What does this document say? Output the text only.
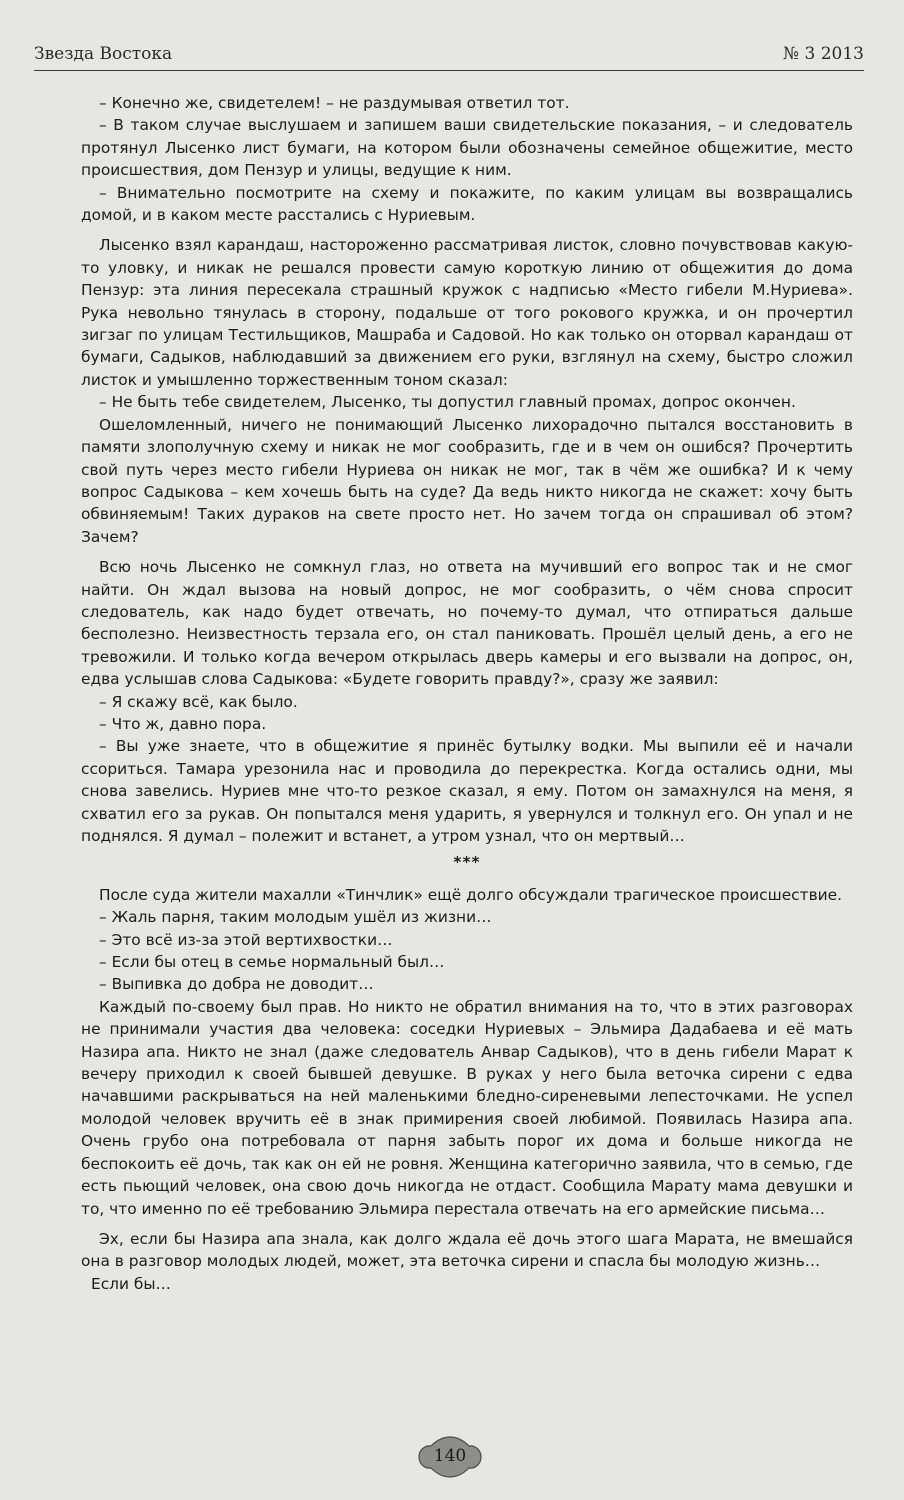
Звезда Востока	№ 3 2013

– Конечно же, свидетелем! – не раздумывая ответил тот.

– В таком случае выслушаем и запишем ваши свидетельские показания, – и следователь протянул Лысенко лист бумаги, на котором были обозначены семейное общежитие, место происшествия, дом Пензур и улицы, ведущие к ним.

– Внимательно посмотрите на схему и покажите, по каким улицам вы возвращались домой, и в каком месте расстались с Нуриевым.

Лысенко взял карандаш, настороженно рассматривая листок, словно почувствовав какую-то уловку, и никак не решался провести самую короткую линию от общежития до дома Пензур: эта линия пересекала страшный кружок с надписью «Место гибели М.Нуриева». Рука невольно тянулась в сторону, подальше от того рокового кружка, и он прочертил зигзаг по улицам Тестильщиков, Машраба и Садовой. Но как только он оторвал карандаш от бумаги, Садыков, наблюдавший за движением его руки, взглянул на схему, быстро сложил листок и умышленно торжественным тоном сказал:

– Не быть тебе свидетелем, Лысенко, ты допустил главный промах, допрос окончен.

Ошеломленный, ничего не понимающий Лысенко лихорадочно пытался восстановить в памяти злополучную схему и никак не мог сообразить, где и в чем он ошибся? Прочертить свой путь через место гибели Нуриева он никак не мог, так в чём же ошибка? И к чему вопрос Садыкова – кем хочешь быть на суде? Да ведь никто никогда не скажет: хочу быть обвиняемым! Таких дураков на свете просто нет. Но зачем тогда он спрашивал об этом? Зачем?

Всю ночь Лысенко не сомкнул глаз, но ответа на мучивший его вопрос так и не смог найти. Он ждал вызова на новый допрос, не мог сообразить, о чём снова спросит следователь, как надо будет отвечать, но почему-то думал, что отпираться дальше бесполезно. Неизвестность терзала его, он стал паниковать. Прошёл целый день, а его не тревожили. И только когда вечером открылась дверь камеры и его вызвали на допрос, он, едва услышав слова Садыкова: «Будете говорить правду?», сразу же заявил:

– Я скажу всё, как было.

– Что ж, давно пора.

– Вы уже знаете, что в общежитие я принёс бутылку водки. Мы выпили её и начали ссориться. Тамара урезонила нас и проводила до перекрестка. Когда остались одни, мы снова завелись. Нуриев мне что-то резкое сказал, я ему. Потом он замахнулся на меня, я схватил его за рукав. Он попытался меня ударить, я увернулся и толкнул его. Он упал и не поднялся. Я думал – полежит и встанет, а утром узнал, что он мертвый…

***

После суда жители махалли «Тинчлик» ещё долго обсуждали трагическое происшествие.

– Жаль парня, таким молодым ушёл из жизни…

– Это всё из-за этой вертихвостки…

– Если бы отец в семье нормальный был…

– Выпивка до добра не доводит…

Каждый по-своему был прав. Но никто не обратил внимания на то, что в этих разговорах не принимали участия два человека: соседки Нуриевых – Эльмира Дадабаева и её мать Назира апа. Никто не знал (даже следователь Анвар Садыков), что в день гибели Марат к вечеру приходил к своей бывшей девушке. В руках у него была веточка сирени с едва начавшими раскрываться на ней маленькими бледно-сиреневыми лепесточками. Не успел молодой человек вручить её в знак примирения своей любимой. Появилась Назира апа. Очень грубо она потребовала от парня забыть порог их дома и больше никогда не беспокоить её дочь, так как он ей не ровня. Женщина категорично заявила, что в семью, где есть пьющий человек, она свою дочь никогда не отдаст. Сообщила Марату мама девушки и то, что именно по её требованию Эльмира перестала отвечать на его армейские письма…

Эх, если бы Назира апа знала, как долго ждала её дочь этого шага Марата, не вмешайся она в разговор молодых людей, может, эта веточка сирени и спасла бы молодую жизнь…

Если бы…

140
